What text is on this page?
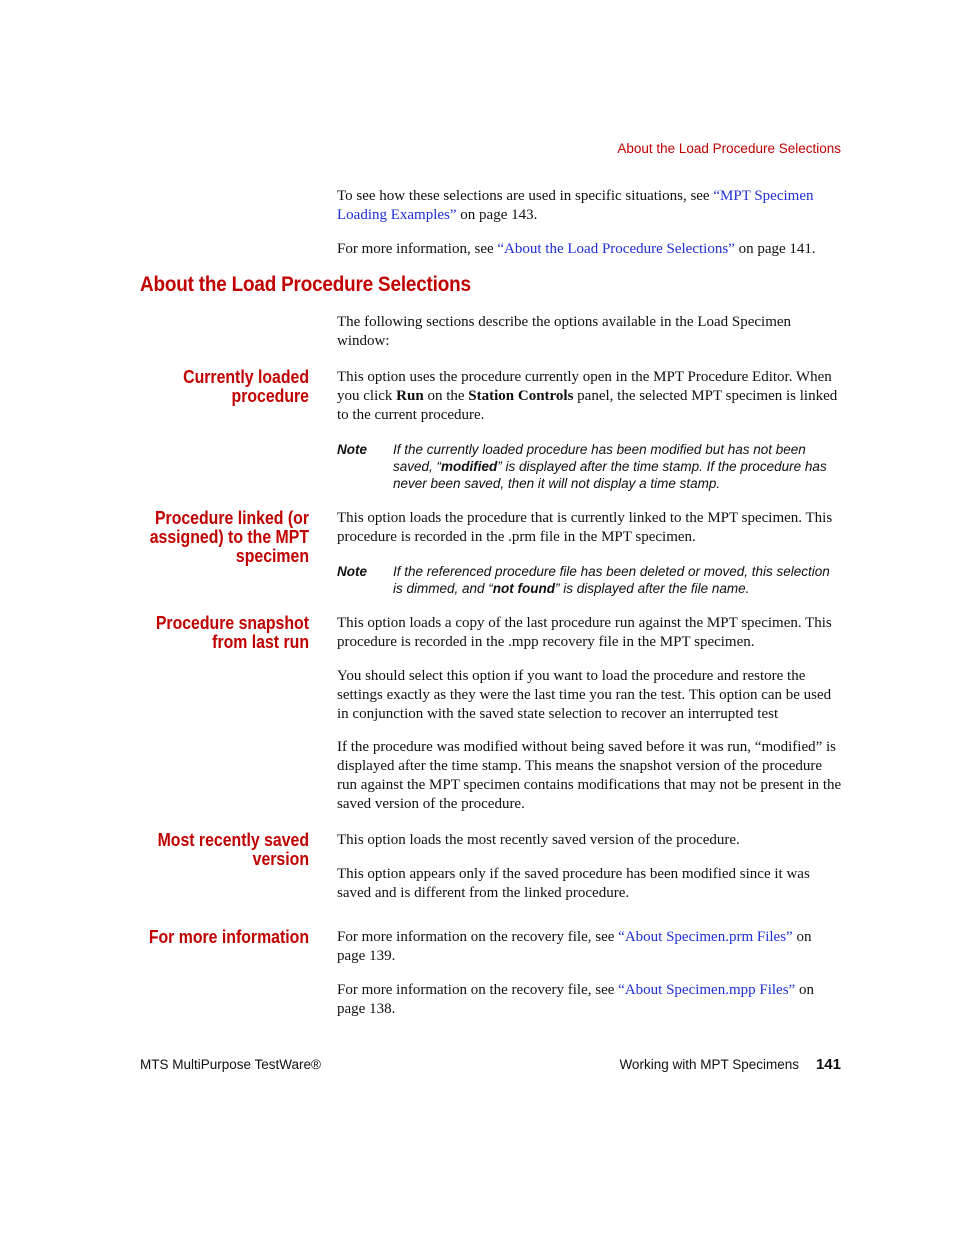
About the Load Procedure Selections

To see how these selections are used in specific situations, see “MPT Specimen Loading Examples” on page 143.

For more information, see “About the Load Procedure Selections” on page 141.

About the Load Procedure Selections

The following sections describe the options available in the Load Specimen window:

Currently loaded procedure

This option uses the procedure currently open in the MPT Procedure Editor. When you click Run on the Station Controls panel, the selected MPT specimen is linked to the current procedure.

Note If the currently loaded procedure has been modified but has not been saved, “modified” is displayed after the time stamp. If the procedure has never been saved, then it will not display a time stamp.
Procedure linked (or assigned) to the MPT specimen

This option loads the procedure that is currently linked to the MPT specimen. This procedure is recorded in the .prm file in the MPT specimen.

Note If the referenced procedure file has been deleted or moved, this selection is dimmed, and “not found” is displayed after the file name.
Procedure snapshot from last run

This option loads a copy of the last procedure run against the MPT specimen. This procedure is recorded in the .mpp recovery file in the MPT specimen.

You should select this option if you want to load the procedure and restore the settings exactly as they were the last time you ran the test. This option can be used in conjunction with the saved state selection to recover an interrupted test

If the procedure was modified without being saved before it was run, “modified” is displayed after the time stamp. This means the snapshot version of the procedure run against the MPT specimen contains modifications that may not be present in the saved version of the procedure.

Most recently saved version

This option loads the most recently saved version of the procedure.

This option appears only if the saved procedure has been modified since it was saved and is different from the linked procedure.

For more information For more information on the recovery file, see “About Specimen.prm Files” on page 139.

For more information on the recovery file, see “About Specimen.mpp Files” on page 138.

MTS MultiPurpose TestWare®	Working with MPT Specimens 141
